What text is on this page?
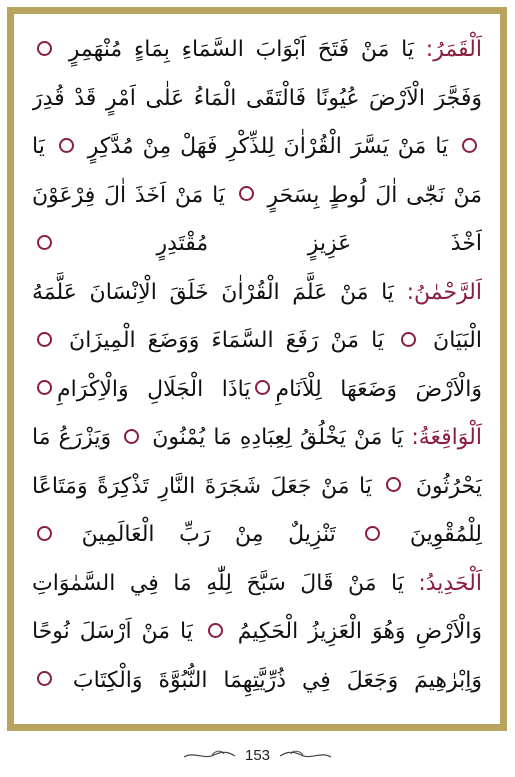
اَلْقَمَرُ: يَا مَنْ فَتَحَ اَبْوَابَ السَّمَاءِ بِمَاءٍ مُنْهَمِرٍ
وَفَجَّرَ الْاَرْضَ عُيُونًا فَالْتَقَى الْمَاءُ عَلٰى اَمْرٍ قَدْ قُدِرَ
يَا مَنْ يَسَّرَ الْقُرْاٰنَ لِلذِّكْرِ فَهَلْ مِنْ مُدَّكِرٍ  يَا
مَنْ نَجّٰى اٰلَ لُوطٍ بِسَحَرٍ  يَا مَنْ اَخَذَ اٰلَ فِرْعَوْنَ
اَخْذَ عَزِيزٍ مُقْتَدِرٍ
اَلرَّحْمٰنُ: يَا مَنْ عَلَّمَ الْقُرْاٰنَ خَلَقَ الْاِنْسَانَ عَلَّمَهُ
الْبَيَانَ  يَا مَنْ رَفَعَ السَّمَاءَ وَوَضَعَ الْمِيزَانَ
وَالْاَرْضَ وَضَعَهَا لِلْاَنَامِيَاذَا الْجَلَالِ وَالْاِكْرَامِ
اَلْوَاقِعَةُ: يَا مَنْ يَخْلُقُ لِعِبَادِهِ مَا يُمْنُونَ  وَيَزْرَعُ مَا
يَحْرُثُونَ  يَا مَنْ جَعَلَ شَجَرَةَ النَّارِ تَذْكِرَةً وَمَتَاعًا
لِلْمُقْوِينَ  تَنْزِيلٌ مِنْ رَبِّ الْعَالَمِينَ
اَلْحَدِيدُ: يَا مَنْ قَالَ سَبَّحَ لِلّٰهِ مَا فِي السَّمٰوَاتِ
وَالْاَرْضِ وَهُوَ الْعَزِيزُ الْحَكِيمُ  يَا مَنْ اَرْسَلَ نُوحًا
وَاِبْرٰهِيمَ وَجَعَلَ فِي ذُرِّيَّتِهِمَا النُّبُوَّةَ وَالْكِتَابَ
153
